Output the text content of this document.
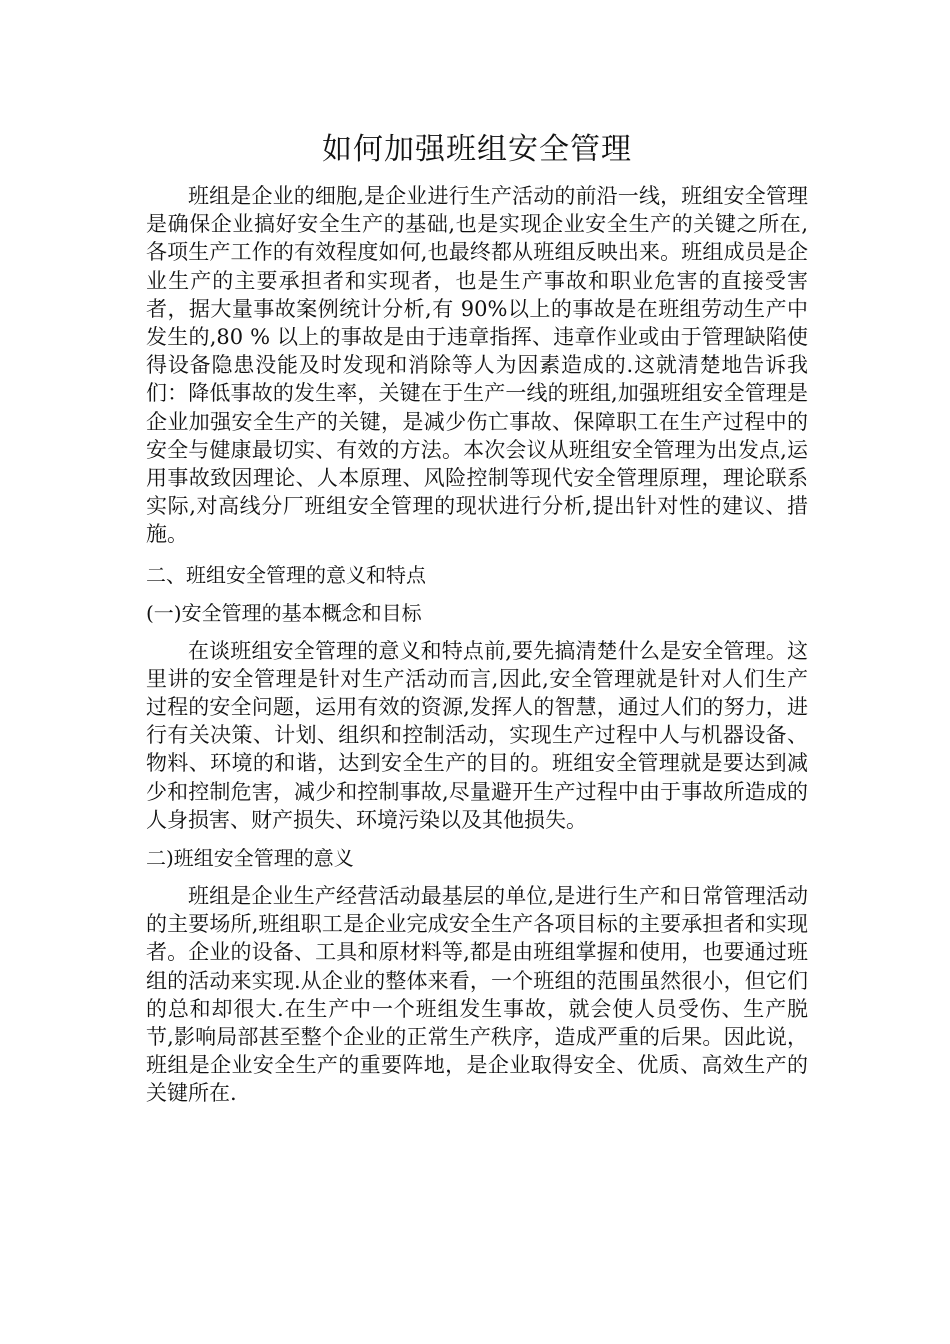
如何加强班组安全管理

班组是企业的细胞,是企业进行生产活动的前沿一线，班组安全管理是确保企业搞好安全生产的基础,也是实现企业安全生产的关键之所在,各项生产工作的有效程度如何,也最终都从班组反映出来。班组成员是企业生产的主要承担者和实现者，也是生产事故和职业危害的直接受害者，据大量事故案例统计分析,有 90%以上的事故是在班组劳动生产中发生的,80 % 以上的事故是由于违章指挥、违章作业或由于管理缺陷使得设备隐患没能及时发现和消除等人为因素造成的.这就清楚地告诉我们：降低事故的发生率，关键在于生产一线的班组,加强班组安全管理是企业加强安全生产的关键，是减少伤亡事故、保障职工在生产过程中的安全与健康最切实、有效的方法。本次会议从班组安全管理为出发点,运用事故致因理论、人本原理、风险控制等现代安全管理原理，理论联系实际,对高线分厂班组安全管理的现状进行分析,提出针对性的建议、措施。

二、班组安全管理的意义和特点

(一)安全管理的基本概念和目标

在谈班组安全管理的意义和特点前,要先搞清楚什么是安全管理。这里讲的安全管理是针对生产活动而言,因此,安全管理就是针对人们生产过程的安全问题，运用有效的资源,发挥人的智慧，通过人们的努力，进行有关决策、计划、组织和控制活动，实现生产过程中人与机器设备、物料、环境的和谐，达到安全生产的目的。班组安全管理就是要达到减少和控制危害，减少和控制事故,尽量避开生产过程中由于事故所造成的人身损害、财产损失、环境污染以及其他损失。

二)班组安全管理的意义

班组是企业生产经营活动最基层的单位,是进行生产和日常管理活动的主要场所,班组职工是企业完成安全生产各项目标的主要承担者和实现者。企业的设备、工具和原材料等,都是由班组掌握和使用，也要通过班组的活动来实现.从企业的整体来看，一个班组的范围虽然很小，但它们的总和却很大.在生产中一个班组发生事故，就会使人员受伤、生产脱节,影响局部甚至整个企业的正常生产秩序，造成严重的后果。因此说，班组是企业安全生产的重要阵地，是企业取得安全、优质、高效生产的关键所在.
